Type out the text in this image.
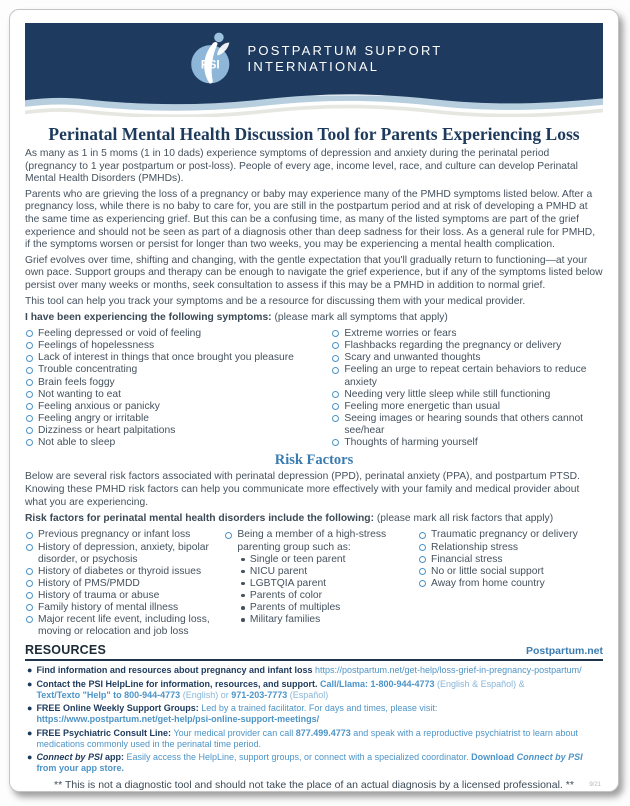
PSI
POSTPARTUM SUPPORT
INTERNATIONAL
Perinatal Mental Health Discussion Tool for Parents Experiencing Loss

As many as 1 in 5 moms (1 in 10 dads) experience symptoms of depression and anxiety during the perinatal period (pregnancy to 1 year postpartum or post-loss). People of every age, income level, race, and culture can develop Perinatal Mental Health Disorders (PMHDs).

Parents who are grieving the loss of a pregnancy or baby may experience many of the PMHD symptoms listed below. After a pregnancy loss, while there is no baby to care for, you are still in the postpartum period and at risk of developing a PMHD at the same time as experiencing grief. But this can be a confusing time, as many of the listed symptoms are part of the grief experience and should not be seen as part of a diagnosis other than deep sadness for their loss. As a general rule for PMHD, if the symptoms worsen or persist for longer than two weeks, you may be experiencing a mental health complication.

Grief evolves over time, shifting and changing, with the gentle expectation that you'll gradually return to functioning—at your own pace. Support groups and therapy can be enough to navigate the grief experience, but if any of the symptoms listed below persist over many weeks or months, seek consultation to assess if this may be a PMHD in addition to normal grief.

This tool can help you track your symptoms and be a resource for discussing them with your medical provider.

I have been experiencing the following symptoms: (please mark all symptoms that apply)

Feeling depressed or void of feeling
Feelings of hopelessness
Lack of interest in things that once brought you pleasure
Trouble concentrating
Brain feels foggy
Not wanting to eat
Feeling anxious or panicky
Feeling angry or irritable
Dizziness or heart palpitations
Not able to sleep
Extreme worries or fears
Flashbacks regarding the pregnancy or delivery
Scary and unwanted thoughts
Feeling an urge to repeat certain behaviors to reduce anxiety
Needing very little sleep while still functioning
Feeling more energetic than usual
Seeing images or hearing sounds that others cannot see/hear
Thoughts of harming yourself
Risk Factors

Below are several risk factors associated with perinatal depression (PPD), perinatal anxiety (PPA), and postpartum PTSD. Knowing these PMHD risk factors can help you communicate more effectively with your family and medical provider about what you are experiencing.

Risk factors for perinatal mental health disorders include the following: (please mark all risk factors that apply)

Previous pregnancy or infant loss
History of depression, anxiety, bipolar disorder, or psychosis
History of diabetes or thyroid issues
History of PMS/PMDD
History of trauma or abuse
Family history of mental illness
Major recent life event, including loss, moving or relocation and job loss
Being a member of a high-stress parenting group such as:
Single or teen parent
NICU parent
LGBTQIA parent
Parents of color
Parents of multiples
Military families
Traumatic pregnancy or delivery
Relationship stress
Financial stress
No or little social support
Away from home country
RESOURCES	Postpartum.net
● Find information and resources about pregnancy and infant loss https://postpartum.net/get-help/loss-grief-in-pregnancy-postpartum/
● Contact the PSI HelpLine for information, resources, and support. Call/Llama: 1-800-944-4773 (English & Español) &
Text/Texto "Help" to 800-944-4773 (English) or 971-203-7773 (Español)
● FREE Online Weekly Support Groups: Led by a trained facilitator. For days and times, please visit:
https://www.postpartum.net/get-help/psi-online-support-meetings/
● FREE Psychiatric Consult Line: Your medical provider can call 877.499.4773 and speak with a reproductive psychiatrist to learn about medications commonly used in the perinatal time period.
● Connect by PSI app: Easily access the HelpLine, support groups, or connect with a specialized coordinator. Download Connect by PSI from your app store.
** This is not a diagnostic tool and should not take the place of an actual diagnosis by a licensed professional. **	9/21
